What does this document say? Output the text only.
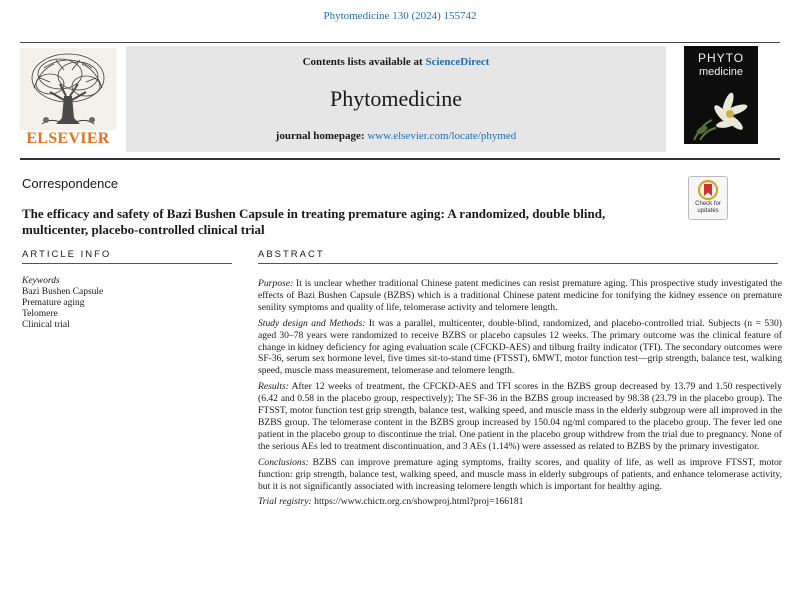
Phytomedicine 130 (2024) 155742
ELSEVIER
Contents lists available at ScienceDirect
Phytomedicine
journal homepage: www.elsevier.com/locate/phymed
PHYTO
medicine
Correspondence
Check for
updates
The efficacy and safety of Bazi Bushen Capsule in treating premature aging: A randomized, double blind, multicenter, placebo-controlled clinical trial
ARTICLE INFO	ABSTRACT
Keywords
Bazi Bushen Capsule
Premature aging
Telomere
Clinical trial

Purpose: It is unclear whether traditional Chinese patent medicines can resist premature aging. This prospective study investigated the effects of Bazi Bushen Capsule (BZBS) which is a traditional Chinese patent medicine for tonifying the kidney essence on premature senility symptoms and quality of life, telomerase activity and telomere length.

Study design and Methods: It was a parallel, multicenter, double-blind, randomized, and placebo-controlled trial. Subjects (n = 530) aged 30–78 years were randomized to receive BZBS or placebo capsules 12 weeks. The primary outcome was the clinical feature of change in kidney deficiency for aging evaluation scale (CFCKD-AES) and tilburg frailty indicator (TFI). The secondary outcomes were SF-36, serum sex hormone level, five times sit-to-stand time (FTSST), 6MWT, motor function test—grip strength, balance test, walking speed, muscle mass measurement, telomerase and telomere length.

Results: After 12 weeks of treatment, the CFCKD-AES and TFI scores in the BZBS group decreased by 13.79 and 1.50 respectively (6.42 and 0.58 in the placebo group, respectively); The SF-36 in the BZBS group increased by 98.38 (23.79 in the placebo group). The FTSST, motor function test grip strength, balance test, walking speed, and muscle mass in the elderly subgroup were all improved in the BZBS group. The telomerase content in the BZBS group increased by 150.04 ng/ml compared to the placebo group. The fever led one patient in the placebo group to discontinue the trial. One patient in the placebo group withdrew from the trial due to pregnancy. None of the serious AEs led to treatment discontinuation, and 3 AEs (1.14%) were assessed as related to BZBS by the primary investigator.

Conclusions: BZBS can improve premature aging symptoms, frailty scores, and quality of life, as well as improve FTSST, motor function: grip strength, balance test, walking speed, and muscle mass in elderly subgroups of patients, and enhance telomerase activity, but it is not significantly associated with increasing telomere length which is important for healthy aging.

Trial registry: https://www.chictr.org.cn/showproj.html?proj=166181
